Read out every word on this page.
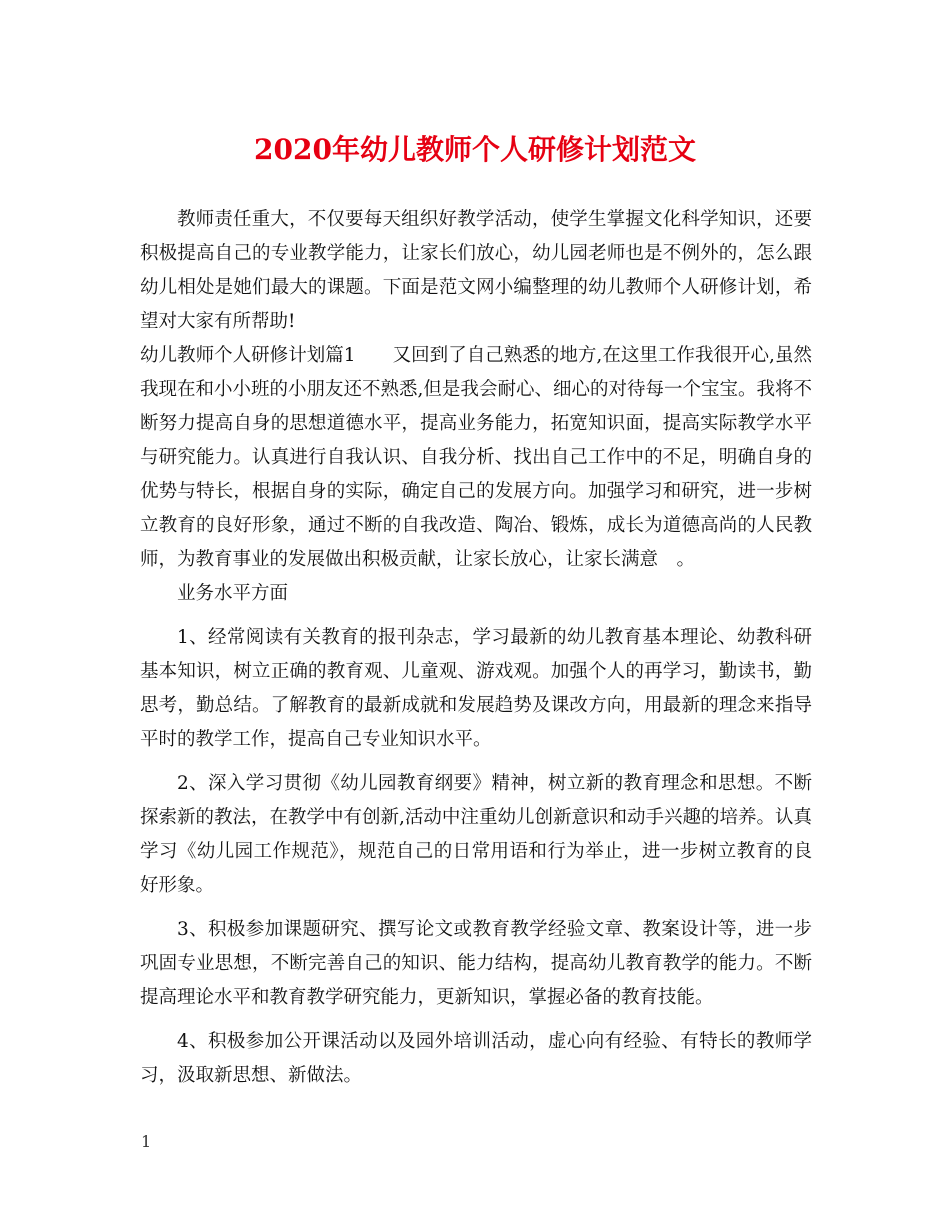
2020年幼儿教师个人研修计划范文

教师责任重大，不仅要每天组织好教学活动，使学生掌握文化科学知识，还要积极提高自己的专业教学能力，让家长们放心，幼儿园老师也是不例外的，怎么跟幼儿相处是她们最大的课题。下面是范文网小编整理的幼儿教师个人研修计划，希望对大家有所帮助!

幼儿教师个人研修计划篇1　　又回到了自己熟悉的地方,在这里工作我很开心,虽然我现在和小小班的小朋友还不熟悉,但是我会耐心、细心的对待每一个宝宝。我将不断努力提高自身的思想道德水平，提高业务能力，拓宽知识面，提高实际教学水平与研究能力。认真进行自我认识、自我分析、找出自己工作中的不足，明确自身的优势与特长，根据自身的实际，确定自己的发展方向。加强学习和研究，进一步树立教育的良好形象，通过不断的自我改造、陶冶、锻炼，成长为道德高尚的人民教师，为教育事业的发展做出积极贡献，让家长放心，让家长满意　。

业务水平方面

1、经常阅读有关教育的报刊杂志，学习最新的幼儿教育基本理论、幼教科研基本知识，树立正确的教育观、儿童观、游戏观。加强个人的再学习，勤读书，勤思考，勤总结。了解教育的最新成就和发展趋势及课改方向，用最新的理念来指导平时的教学工作，提高自己专业知识水平。

2、深入学习贯彻《幼儿园教育纲要》精神，树立新的教育理念和思想。不断探索新的教法，在教学中有创新,活动中注重幼儿创新意识和动手兴趣的培养。认真学习《幼儿园工作规范》，规范自己的日常用语和行为举止，进一步树立教育的良好形象。

3、积极参加课题研究、撰写论文或教育教学经验文章、教案设计等，进一步巩固专业思想，不断完善自己的知识、能力结构，提高幼儿教育教学的能力。不断提高理论水平和教育教学研究能力，更新知识，掌握必备的教育技能。

4、积极参加公开课活动以及园外培训活动，虚心向有经验、有特长的教师学习，汲取新思想、新做法。

1
